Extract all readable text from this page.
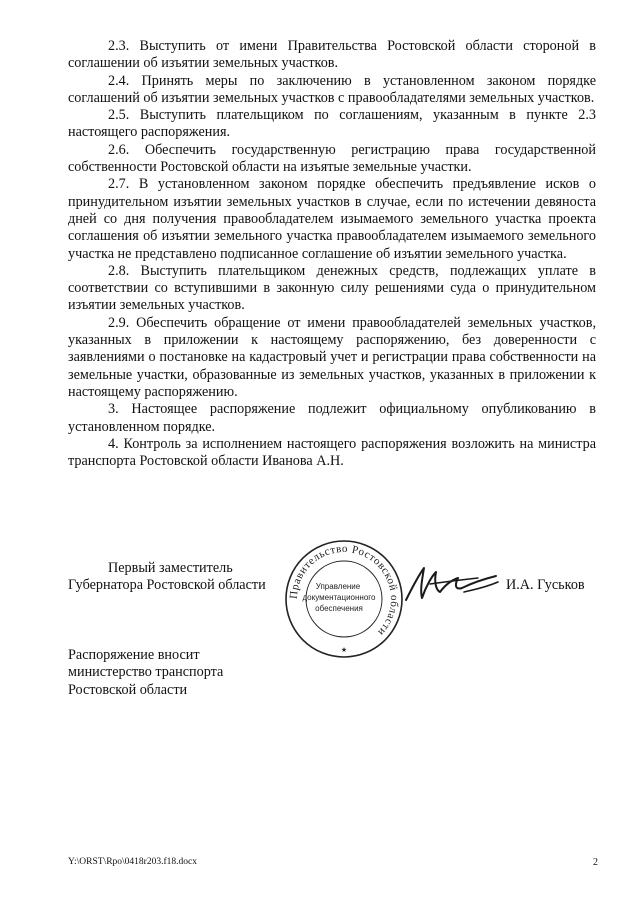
2.3. Выступить от имени Правительства Ростовской области стороной в соглашении об изъятии земельных участков.

2.4. Принять меры по заключению в установленном законом порядке соглашений об изъятии земельных участков с правообладателями земельных участков.

2.5. Выступить плательщиком по соглашениям, указанным в пункте 2.3 настоящего распоряжения.

2.6. Обеспечить государственную регистрацию права государственной собственности Ростовской области на изъятые земельные участки.

2.7. В установленном законом порядке обеспечить предъявление исков о принудительном изъятии земельных участков в случае, если по истечении девяноста дней со дня получения правообладателем изымаемого земельного участка проекта соглашения об изъятии земельного участка правообладателем изымаемого земельного участка не представлено подписанное соглашение об изъятии земельного участка.

2.8. Выступить плательщиком денежных средств, подлежащих уплате в соответствии со вступившими в законную силу решениями суда о принудительном изъятии земельных участков.

2.9. Обеспечить обращение от имени правообладателей земельных участков, указанных в приложении к настоящему распоряжению, без доверенности с заявлениями о постановке на кадастровый учет и регистрации права собственности на земельные участки, образованные из земельных участков, указанных в приложении к настоящему распоряжению.

3. Настоящее распоряжение подлежит официальному опубликованию в установленном порядке.

4. Контроль за исполнением настоящего распоряжения возложить на министра транспорта Ростовской области Иванова А.Н.

Первый заместитель
Губернатора Ростовской области
Правительство Ростовской области
Управление
документационного
обеспечения
★
И.А. Гуськов
Распоряжение вносит
министерство транспорта
Ростовской области
Y:\ORST\Rpo\0418r203.f18.docx	2
